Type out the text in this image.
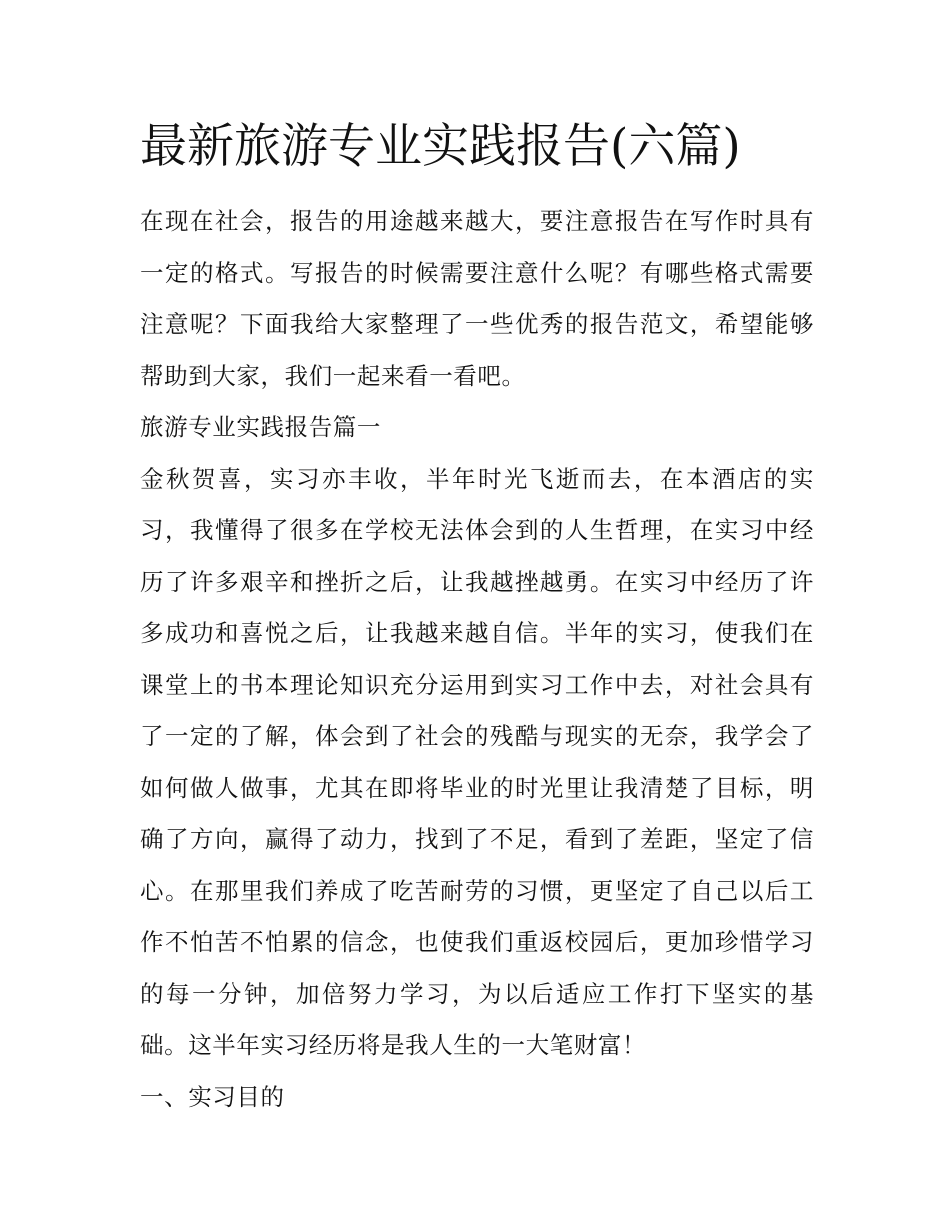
最新旅游专业实践报告(六篇)

在现在社会，报告的用途越来越大，要注意报告在写作时具有一定的格式。写报告的时候需要注意什么呢？有哪些格式需要注意呢？下面我给大家整理了一些优秀的报告范文，希望能够帮助到大家，我们一起来看一看吧。

旅游专业实践报告篇一

金秋贺喜，实习亦丰收，半年时光飞逝而去，在本酒店的实习，我懂得了很多在学校无法体会到的人生哲理，在实习中经历了许多艰辛和挫折之后，让我越挫越勇。在实习中经历了许多成功和喜悦之后，让我越来越自信。半年的实习，使我们在课堂上的书本理论知识充分运用到实习工作中去，对社会具有了一定的了解，体会到了社会的残酷与现实的无奈，我学会了如何做人做事，尤其在即将毕业的时光里让我清楚了目标，明确了方向，赢得了动力，找到了不足，看到了差距，坚定了信心。在那里我们养成了吃苦耐劳的习惯，更坚定了自己以后工作不怕苦不怕累的信念，也使我们重返校园后，更加珍惜学习的每一分钟，加倍努力学习，为以后适应工作打下坚实的基础。这半年实习经历将是我人生的一大笔财富！

一、实习目的
